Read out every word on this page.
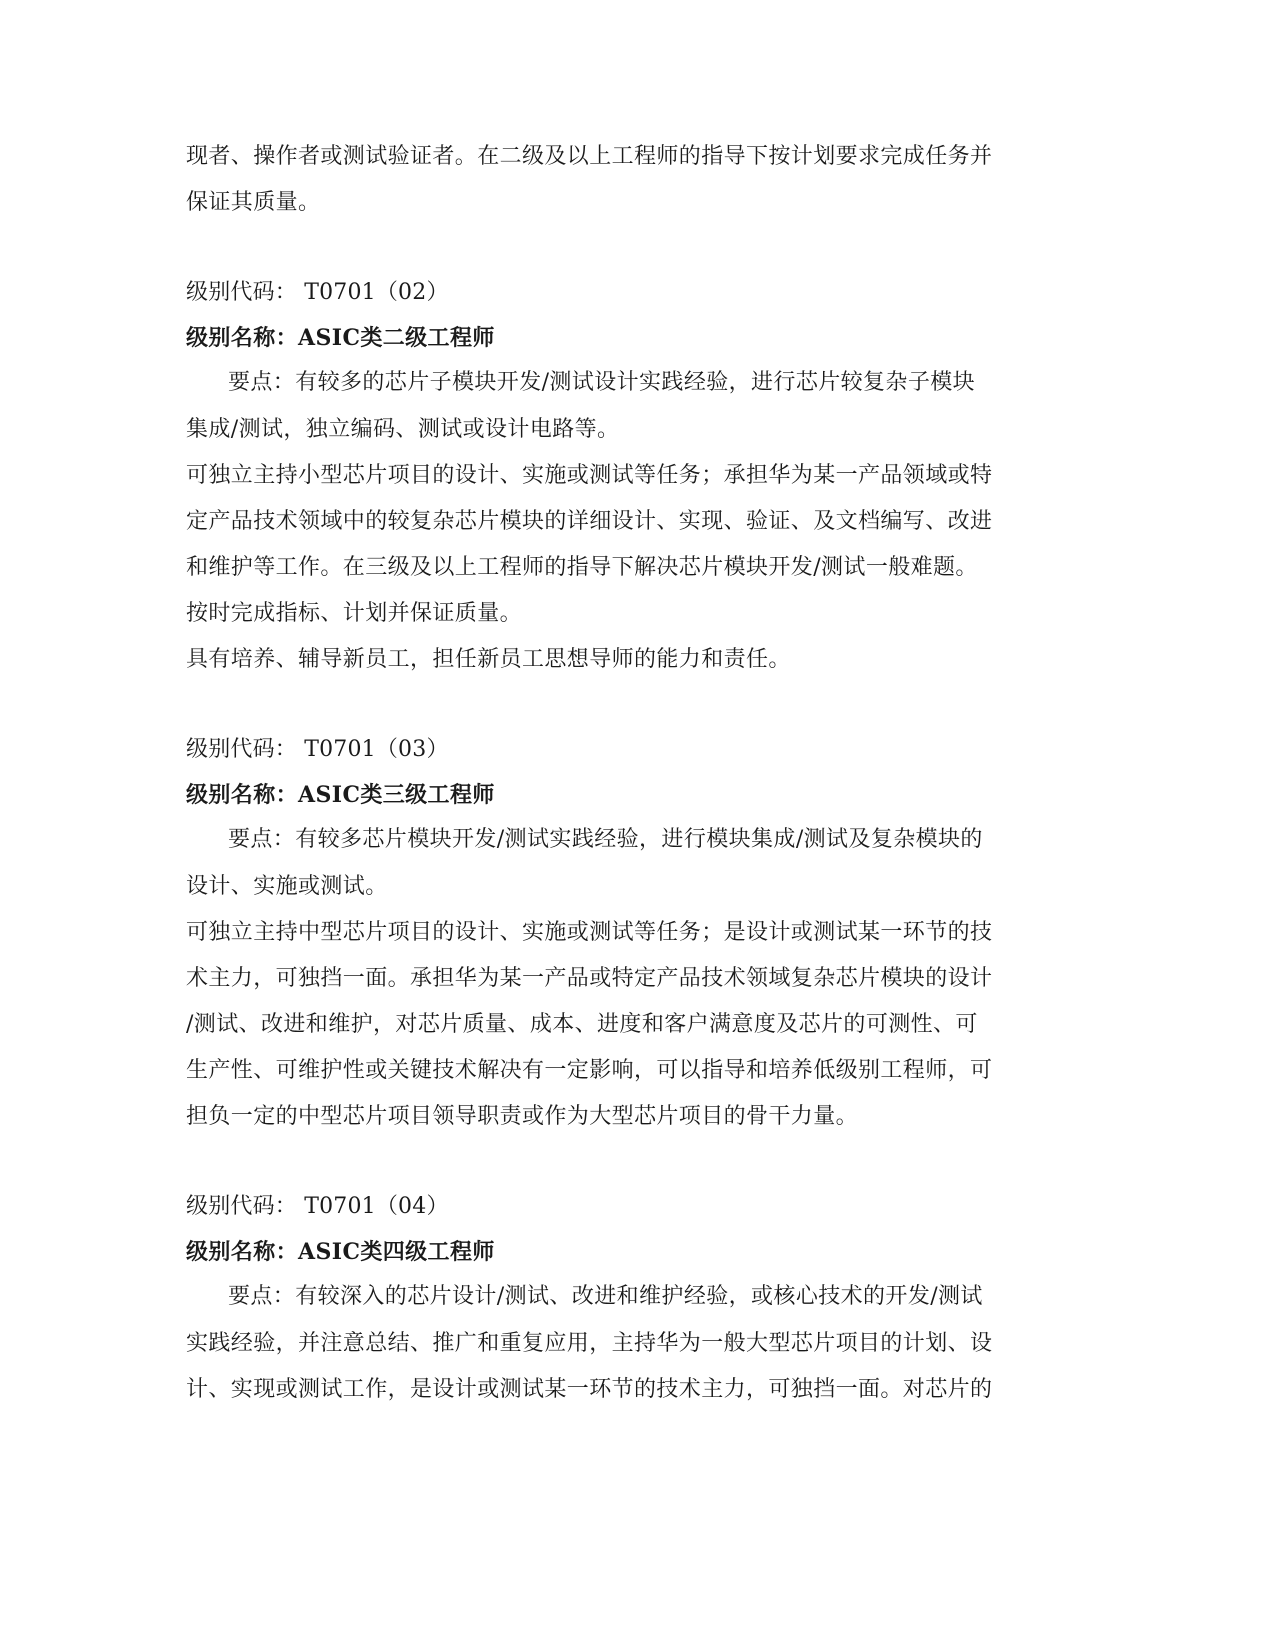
现者、操作者或测试验证者。在二级及以上工程师的指导下按计划要求完成任务并
保证其质量。
级别代码： T0701（02）
级别名称：ASIC类二级工程师
要点：有较多的芯片子模块开发/测试设计实践经验，进行芯片较复杂子模块
集成/测试，独立编码、测试或设计电路等。
可独立主持小型芯片项目的设计、实施或测试等任务；承担华为某一产品领域或特
定产品技术领域中的较复杂芯片模块的详细设计、实现、验证、及文档编写、改进
和维护等工作。在三级及以上工程师的指导下解决芯片模块开发/测试一般难题。
按时完成指标、计划并保证质量。
具有培养、辅导新员工，担任新员工思想导师的能力和责任。
级别代码： T0701（03）
级别名称：ASIC类三级工程师
要点：有较多芯片模块开发/测试实践经验，进行模块集成/测试及复杂模块的
设计、实施或测试。
可独立主持中型芯片项目的设计、实施或测试等任务；是设计或测试某一环节的技
术主力，可独挡一面。承担华为某一产品或特定产品技术领域复杂芯片模块的设计
/测试、改进和维护，对芯片质量、成本、进度和客户满意度及芯片的可测性、可
生产性、可维护性或关键技术解决有一定影响，可以指导和培养低级别工程师，可
担负一定的中型芯片项目领导职责或作为大型芯片项目的骨干力量。
级别代码： T0701（04）
级别名称：ASIC类四级工程师
要点：有较深入的芯片设计/测试、改进和维护经验，或核心技术的开发/测试
实践经验，并注意总结、推广和重复应用，主持华为一般大型芯片项目的计划、设
计、实现或测试工作，是设计或测试某一环节的技术主力，可独挡一面。对芯片的
